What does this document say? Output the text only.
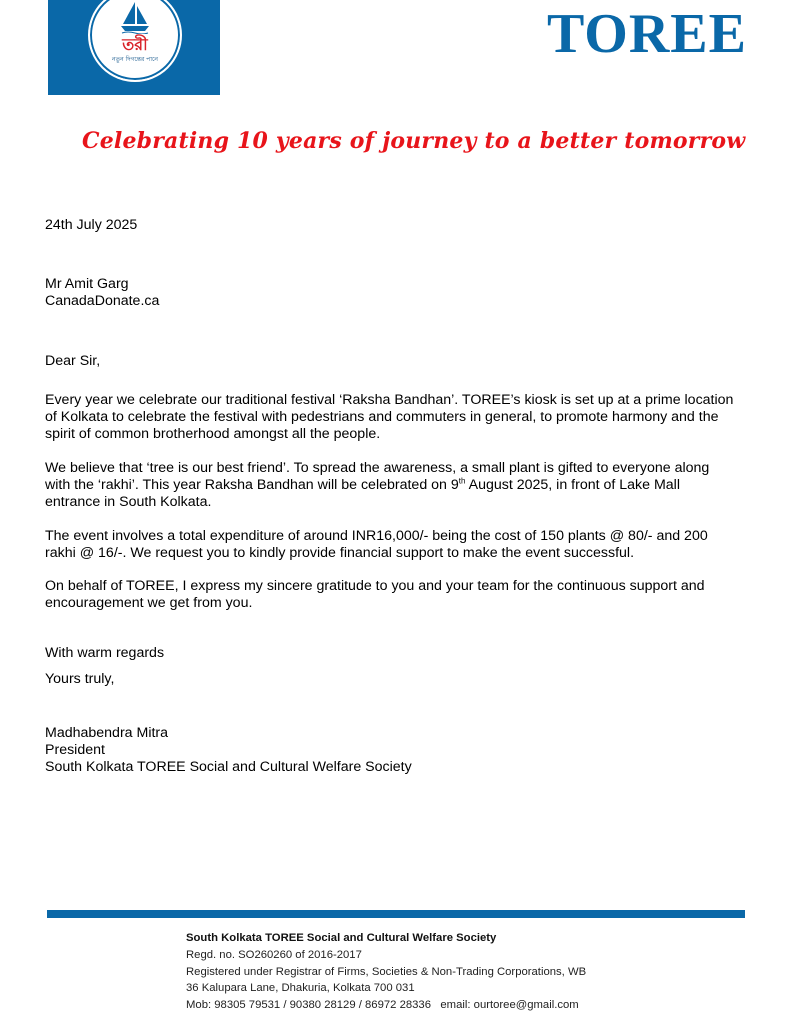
তরী
নতুন দিগন্তের পানে	TOREE
Celebrating 10 years of journey to a better tomorrow
24th July 2025

Mr Amit Garg

CanadaDonate.ca

Dear Sir,
Every year we celebrate our traditional festival ‘Raksha Bandhan’. TOREE’s kiosk is set up at a prime location of Kolkata to celebrate the festival with pedestrians and commuters in general, to promote harmony and the spirit of common brotherhood amongst all the people.
We believe that ‘tree is our best friend’. To spread the awareness, a small plant is gifted to everyone along with the ‘rakhi’. This year Raksha Bandhan will be celebrated on 9th August 2025, in front of Lake Mall entrance in South Kolkata.
The event involves a total expenditure of around INR16,000/- being the cost of 150 plants @ 80/- and 200 rakhi @ 16/-. We request you to kindly provide financial support to make the event successful.
On behalf of TOREE, I express my sincere gratitude to you and your team for the continuous support and encouragement we get from you.
With warm regards
Yours truly,

Madhabendra Mitra

President

South Kolkata TOREE Social and Cultural Welfare Society

South Kolkata TOREE Social and Cultural Welfare Society
Regd. no. SO260260 of 2016-2017
Registered under Registrar of Firms, Societies & Non-Trading Corporations, WB
36 Kalupara Lane, Dhakuria, Kolkata 700 031
Mob: 98305 79531 / 90380 28129 / 86972 28336   email: ourtoree@gmail.com
